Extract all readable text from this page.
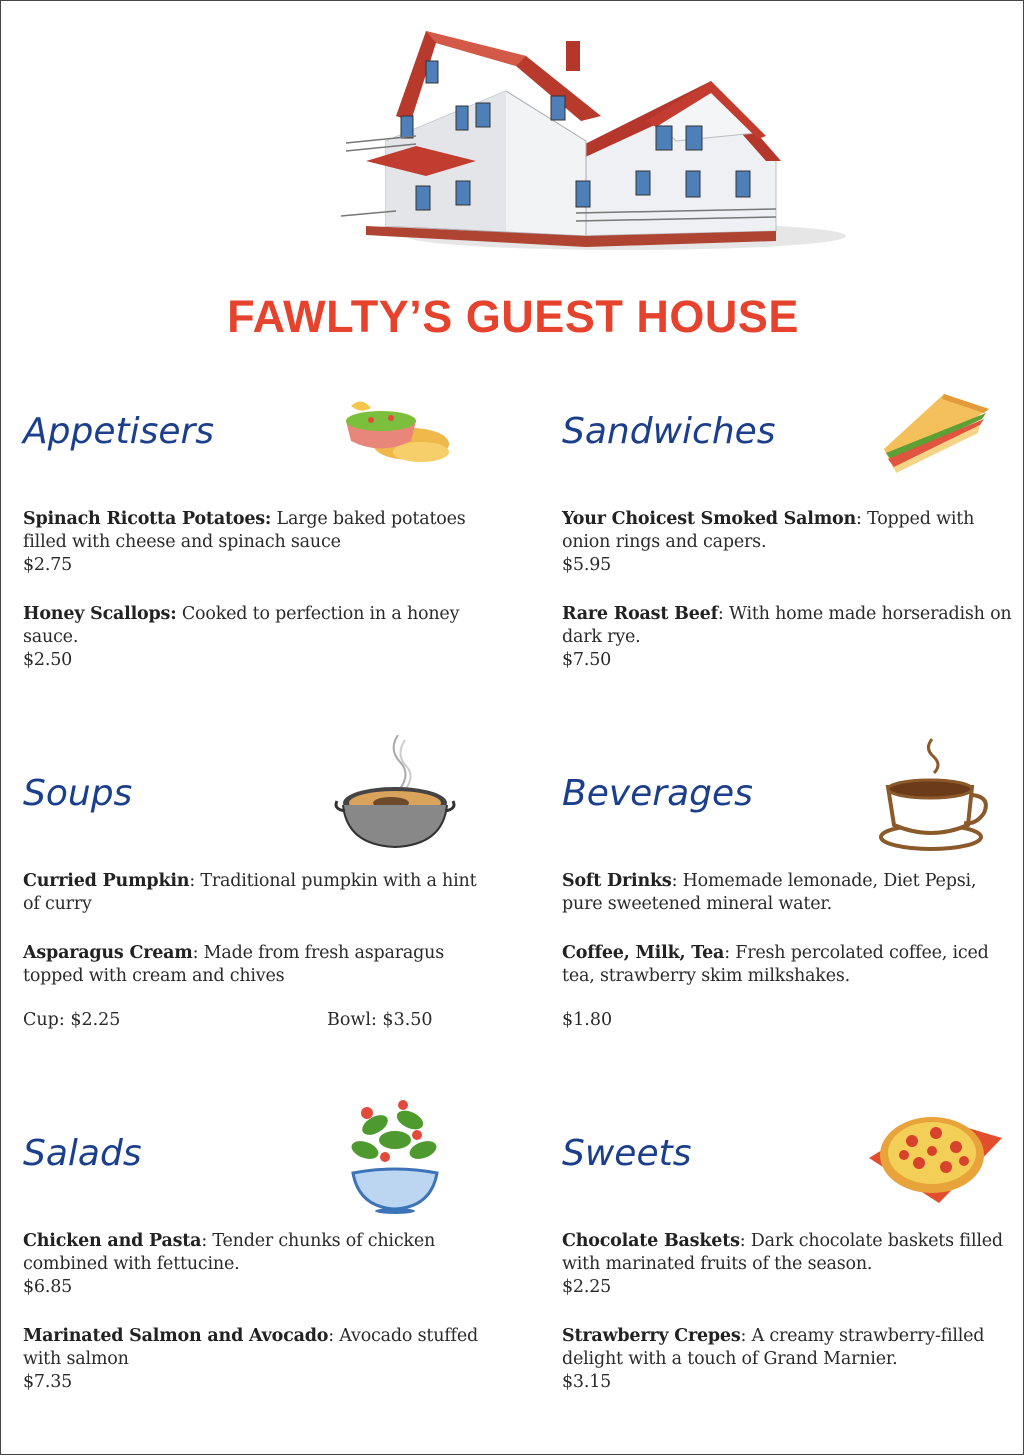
FAWLTY’S GUEST HOUSE
Appetisers
Spinach Ricotta Potatoes: Large baked potatoes filled with cheese and spinach sauce
$2.75
Honey Scallops: Cooked to perfection in a honey sauce.
$2.50
Sandwiches
Your Choicest Smoked Salmon: Topped with onion rings and capers.
$5.95
Rare Roast Beef: With home made horseradish on dark rye.
$7.50
Soups
Curried Pumpkin: Traditional pumpkin with a hint of curry
Asparagus Cream: Made from fresh asparagus topped with cream and chives
Cup: $2.25	Bowl: $3.50
Beverages
Soft Drinks: Homemade lemonade, Diet Pepsi, pure sweetened mineral water.
Coffee, Milk, Tea: Fresh percolated coffee, iced tea, strawberry skim milkshakes.
$1.80
Salads
Chicken and Pasta: Tender chunks of chicken combined with fettucine.
$6.85
Marinated Salmon and Avocado: Avocado stuffed with salmon
$7.35
Sweets
Chocolate Baskets: Dark chocolate baskets filled with marinated fruits of the season.
$2.25
Strawberry Crepes: A creamy strawberry-filled delight with a touch of Grand Marnier.
$3.15
